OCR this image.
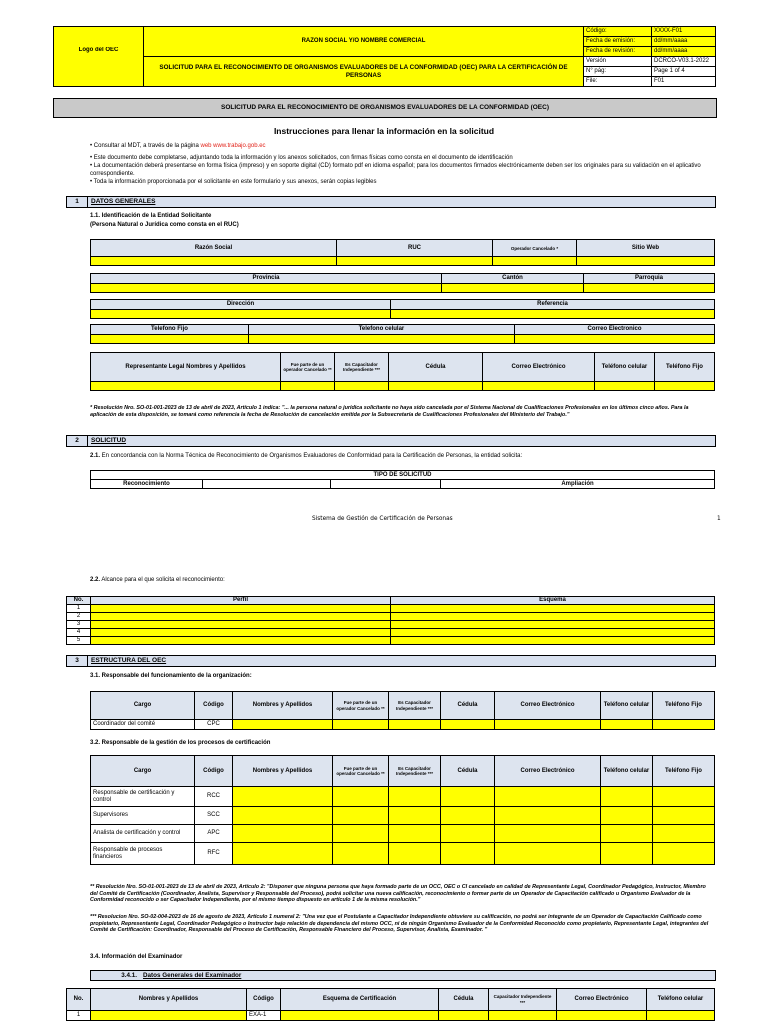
	RAZON SOCIAL Y/O NOMBRE COMERCIAL	Código:	XXXX-F01
		Fecha de emisión:	dd/mm/aaaa
Logo del OEC		Fecha de revisión:	dd/mm/aaaa
	SOLICITUD PARA EL RECONOCIMIENTO DE ORGANISMOS EVALUADORES DE LA CONFORMIDAD (OEC) PARA LA CERTIFICACIÓN DE PERSONAS	Versión	DCRCO-V03.1-2022
		N° pág:	Page 1 of 4
		File:	F01
SOLICITUD PARA EL RECONOCIMIENTO DE ORGANISMOS EVALUADORES DE LA CONFORMIDAD (OEC)
Instrucciones para llenar la información en la solicitud
• Consultar al MDT, a través de la página web www.trabajo.gob.ec
• Este documento debe completarse, adjuntando toda la información y los anexos solicitados, con firmas físicas como consta en el documento de identificación
• La documentación deberá presentarse en forma física (impreso) y en soporte digital (CD) formato pdf en idioma español; para los documentos firmados electrónicamente deben ser los originales para su validación en el aplicativo correspondiente.
• Toda la información proporcionada por el solicitante en este formulario y sus anexos, serán copias legibles
1 DATOS GENERALES
1.1. Identificación de la Entidad Solicitante
(Persona Natural o Jurídica como consta en el RUC)
Razón Social	RUC	Operador Cancelado *	Sitio Web

Provincia	Cantón	Parroquia

Dirección	Referencia

Telefono Fijo	Telefono celular	Correo Electronico

Representante Legal Nombres y Apellidos	Fue parte de un operador Cancelado **	Es Capacitador Independiente ***	Cédula	Correo Electrónico	Teléfono celular	Teléfono Fijo

* Resolución Nro. SO-01-001-2023 de 13 de abril de 2023, Artículo 1 indica: "... la persona natural o jurídica solicitante no haya sido cancelada por el Sistema Nacional de Cualificaciones Profesionales en los últimos cinco años. Para la aplicación de esta disposición, se tomará como referencia la fecha de Resolución de cancelación emitida por la Subsecretaría de Cualificaciones Profesionales del Ministerio del Trabajo."
2 SOLICITUD
2.1. En concordancia con la Norma Técnica de Reconocimiento de Organismos Evaluadores de Conformidad para la Certificación de Personas, la entidad solicita:
TIPO DE SOLICITUD
Reconocimiento			Ampliación
Sistema de Gestión de Certificación de Personas	1
2.2. Alcance para el que solicita el reconocimiento:
No.	Perfil	Esquema
1		
2		
3		
4		
5		
3 ESTRUCTURA DEL OEC
3.1. Responsable del funcionamiento de la organización:
Cargo	Código	Nombres y Apellidos	Fue parte de un operador Cancelado **	Es Capacitador Independiente ***	Cédula	Correo Electrónico	Teléfono celular	Teléfono Fijo
Coordinador del comité	CPC							
3.2. Responsable de la gestión de los procesos de certificación
Cargo	Código	Nombres y Apellidos	Fue parte de un operador Cancelado **	Es Capacitador Independiente ***	Cédula	Correo Electrónico	Teléfono celular	Teléfono Fijo
Responsable de certificación y control	RCC							
Supervisores	SCC							
Analista de certificación y control	APC							
Responsable de procesos financieros	RFC							
** Resolución Nro. SO-01-001-2023 de 13 de abril de 2023, Artículo 2: "Disponer que ninguna persona que haya formado parte de un OCC, OEC o CI cancelado en calidad de Representante Legal, Coordinador Pedagógico, Instructor, Miembro del Comité de Certificación (Coordinador, Analista, Supervisor y Responsable del Proceso), podrá solicitar una nueva calificación, reconocimiento o formar parte de un Operador de Capacitación calificado u Organismo Evaluador de la Conformidad reconocido o ser Capacitador Independiente, por el mismo tiempo dispuesto en artículo 1 de la misma resolución."
*** Resolucion Nro. SO-02-004-2023 de 16 de agosto de 2023, Artículo 1 numeral 2: "Una vez que el Postulante a Capacitador Independiente obtuviere su calificación, no podrá ser integrante de un Operador de Capacitación Calificado como propietario, Representante Legal, Coordinador Pedagógico o Instructor bajo relación de dependencia del mismo OCC, ni de ningún Organismo Evaluador de la Conformidad Reconocido como propietario, Representante Legal, integrantes del Comité de Certificación: Coordinador, Responsable del Proceso de Certificación, Responsable Financiero del Proceso, Supervisor, Analista, Examinador. "
3.4. Información del Examinador
3.4.1. Datos Generales del Examinador
No.	Nombres y Apellidos	Código	Esquema de Certificación	Cédula	Capacitador Independiente ***	Correo Electrónico	Teléfono celular
1		EXA-1					
